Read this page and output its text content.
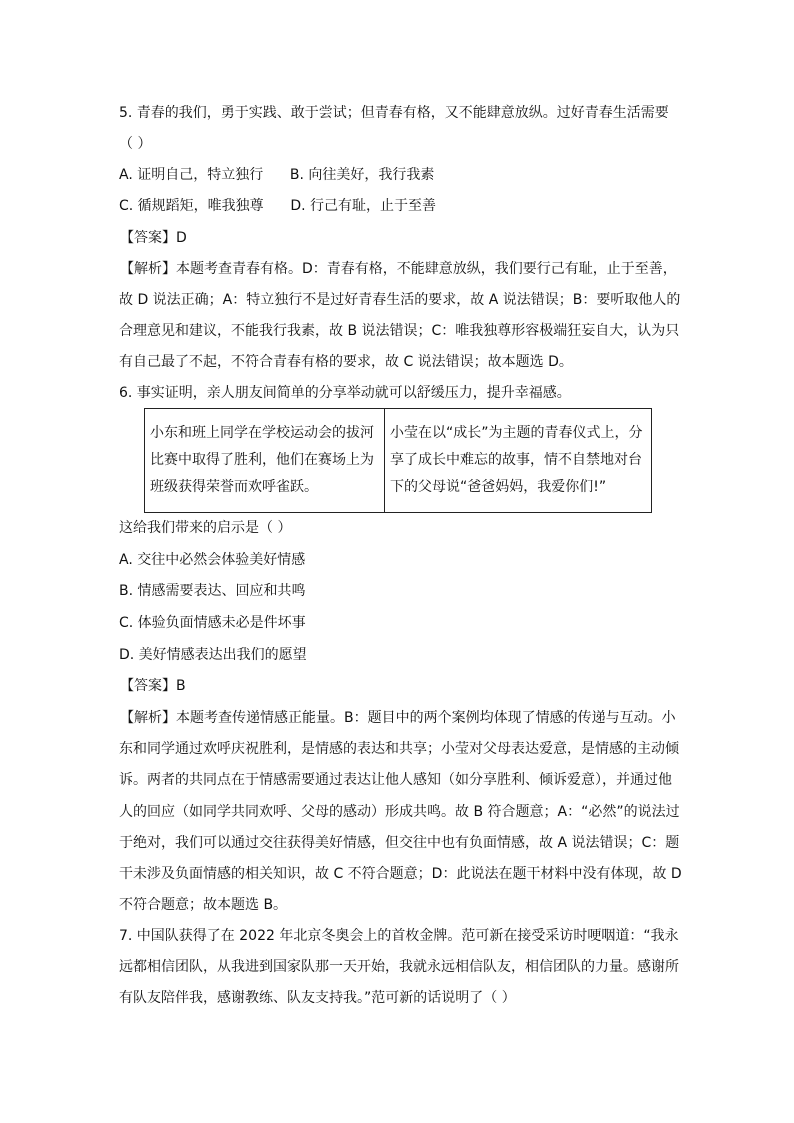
5. 青春的我们，勇于实践、敢于尝试；但青春有格，又不能肆意放纵。过好青春生活需要
（ ）
A. 证明自己，特立独行      B. 向往美好，我行我素
C. 循规蹈矩，唯我独尊      D. 行己有耻，止于至善
【答案】D
【解析】本题考查青春有格。D：青春有格，不能肆意放纵，我们要行己有耻，止于至善，
故 D 说法正确；A：特立独行不是过好青春生活的要求，故 A 说法错误；B：要听取他人的
合理意见和建议，不能我行我素，故 B 说法错误；C：唯我独尊形容极端狂妄自大，认为只
有自己最了不起，不符合青春有格的要求，故 C 说法错误；故本题选 D。
6. 事实证明，亲人朋友间简单的分享举动就可以舒缓压力，提升幸福感。
小东和班上同学在学校运动会的拔河比赛中取得了胜利，他们在赛场上为班级获得荣誉而欢呼雀跃。	小莹在以“成长”为主题的青春仪式上，分享了成长中难忘的故事，情不自禁地对台下的父母说“爸爸妈妈，我爱你们!”
这给我们带来的启示是（ ）
A. 交往中必然会体验美好情感
B. 情感需要表达、回应和共鸣
C. 体验负面情感未必是件坏事
D. 美好情感表达出我们的愿望
【答案】B
【解析】本题考查传递情感正能量。B：题目中的两个案例均体现了情感的传递与互动。小
东和同学通过欢呼庆祝胜利，是情感的表达和共享；小莹对父母表达爱意，是情感的主动倾
诉。两者的共同点在于情感需要通过表达让他人感知（如分享胜利、倾诉爱意），并通过他
人的回应（如同学共同欢呼、父母的感动）形成共鸣。故 B 符合题意；A：“必然”的说法过
于绝对，我们可以通过交往获得美好情感，但交往中也有负面情感，故 A 说法错误；C：题
干未涉及负面情感的相关知识，故 C 不符合题意；D：此说法在题干材料中没有体现，故 D
不符合题意；故本题选 B。
7. 中国队获得了在 2022 年北京冬奥会上的首枚金牌。范可新在接受采访时哽咽道：“我永
远都相信团队，从我进到国家队那一天开始，我就永远相信队友，相信团队的力量。感谢所
有队友陪伴我，感谢教练、队友支持我。”范可新的话说明了（ ）
